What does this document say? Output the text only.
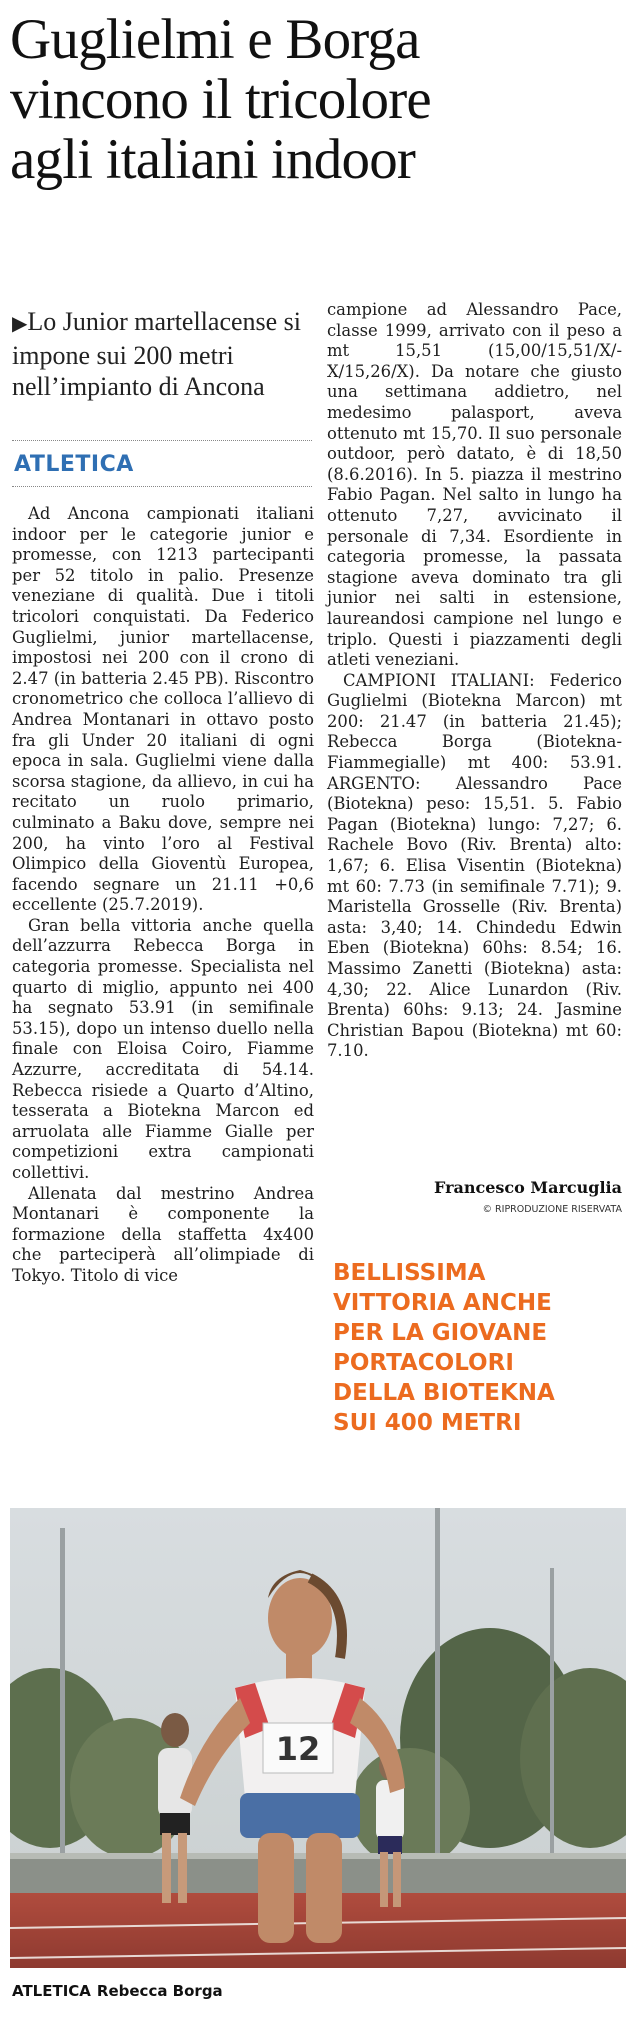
Guglielmi e Borga
vincono il tricolore
agli italiani indoor
▶Lo Junior martellacense si impone sui 200 metri nell’impianto di Ancona
ATLETICA

Ad Ancona campionati italiani indoor per le categorie junior e promesse, con 1213 partecipanti per 52 titolo in palio. Presenze veneziane di qualità. Due i titoli tricolori conquistati. Da Federico Guglielmi, junior martellacense, impostosi nei 200 con il crono di 2.47 (in batteria 2.45 PB). Riscontro cronometrico che colloca l’allievo di Andrea Montanari in ottavo posto fra gli Under 20 italiani di ogni epoca in sala. Guglielmi viene dalla scorsa stagione, da allievo, in cui ha recitato un ruolo primario, culminato a Baku dove, sempre nei 200, ha vinto l’oro al Festival Olimpico della Gioventù Europea, facendo segnare un 21.11 +0,6 eccellente (25.7.2019).

Gran bella vittoria anche quella dell’azzurra Rebecca Borga in categoria promesse. Specialista nel quarto di miglio, appunto nei 400 ha segnato 53.91 (in semifinale 53.15), dopo un intenso duello nella finale con Eloisa Coiro, Fiamme Azzurre, accreditata di 54.14. Rebecca risiede a Quarto d’Altino, tesserata a Biotekna Marcon ed arruolata alle Fiamme Gialle per competizioni extra campionati collettivi.

Allenata dal mestrino Andrea Montanari è componente la formazione della staffetta 4x400 che parteciperà all’olimpiade di Tokyo. Titolo di vice

campione ad Alessandro Pace, classe 1999, arrivato con il peso a mt 15,51 (15,00/15,51/X/-X/15,26/X). Da notare che giusto una settimana addietro, nel medesimo palasport, aveva ottenuto mt 15,70. Il suo personale outdoor, però datato, è di 18,50 (8.6.2016). In 5. piazza il mestrino Fabio Pagan. Nel salto in lungo ha ottenuto 7,27, avvicinato il personale di 7,34. Esordiente in categoria promesse, la passata stagione aveva dominato tra gli junior nei salti in estensione, laureandosi campione nel lungo e triplo. Questi i piazzamenti degli atleti veneziani.

CAMPIONI ITALIANI: Federico Guglielmi (Biotekna Marcon) mt 200: 21.47 (in batteria 21.45); Rebecca Borga (Biotekna-Fiammegialle) mt 400: 53.91. ARGENTO: Alessandro Pace (Biotekna) peso: 15,51. 5. Fabio Pagan (Biotekna) lungo: 7,27; 6. Rachele Bovo (Riv. Brenta) alto: 1,67; 6. Elisa Visentin (Biotekna) mt 60: 7.73 (in semifinale 7.71); 9. Maristella Grosselle (Riv. Brenta) asta: 3,40; 14. Chindedu Edwin Eben (Biotekna) 60hs: 8.54; 16. Massimo Zanetti (Biotekna) asta: 4,30; 22. Alice Lunardon (Riv. Brenta) 60hs: 9.13; 24. Jasmine Christian Bapou (Biotekna) mt 60: 7.10.

Francesco Marcuglia
© RIPRODUZIONE RISERVATA
BELLISSIMA
VITTORIA ANCHE
PER LA GIOVANE
PORTACOLORI
DELLA BIOTEKNA
SUI 400 METRI
12
ATLETICA Rebecca Borga
